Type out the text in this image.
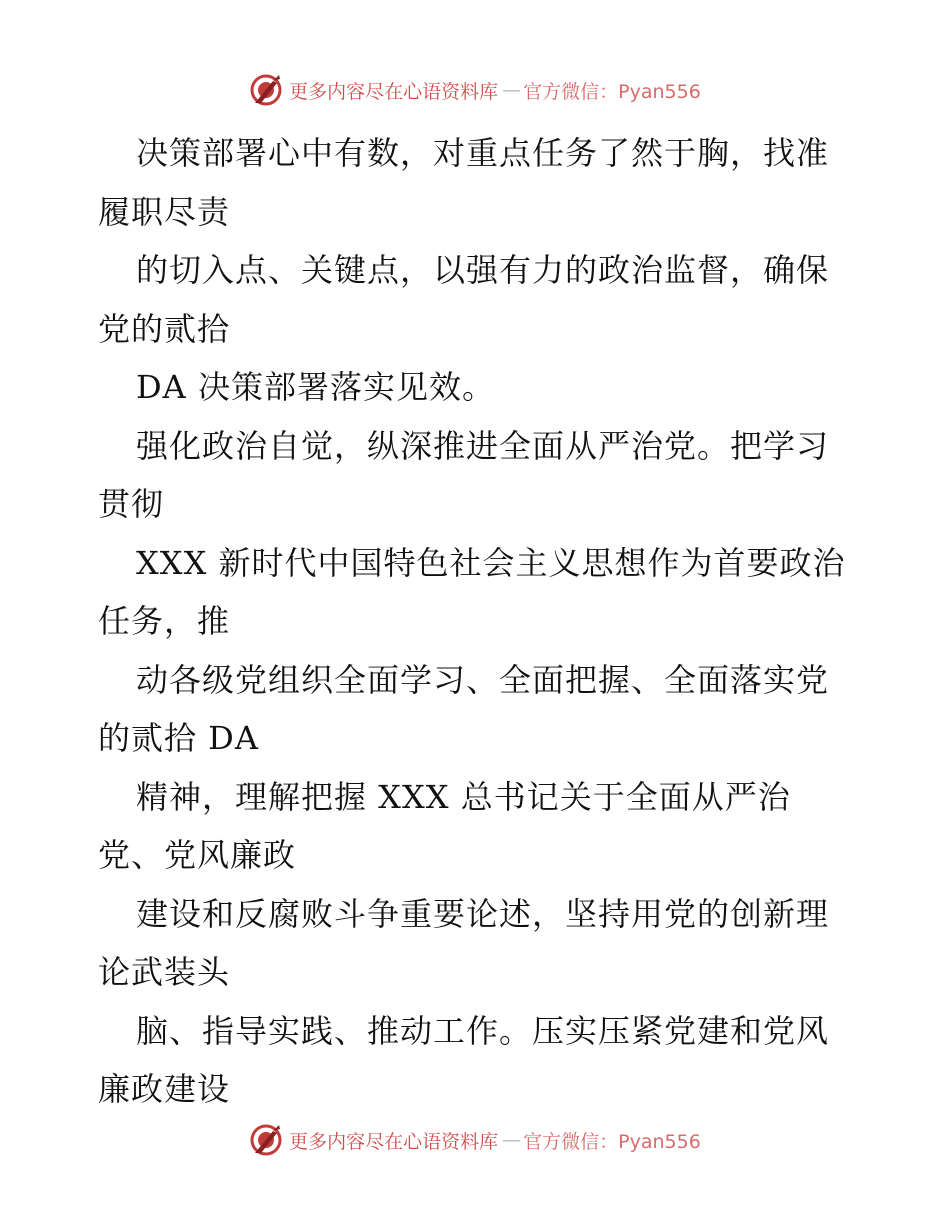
更多内容尽在心语资料库 — 官方微信：Pyan556

决策部署心中有数，对重点任务了然于胸，找准

履职尽责

的切入点、关键点，以强有力的政治监督，确保

党的贰拾

DA 决策部署落实见效。

强化政治自觉，纵深推进全面从严治党。把学习

贯彻

XXX 新时代中国特色社会主义思想作为首要政治

任务，推

动各级党组织全面学习、全面把握、全面落实党

的贰拾 DA

精神，理解把握 XXX 总书记关于全面从严治

党、党风廉政

建设和反腐败斗争重要论述，坚持用党的创新理

论武装头

脑、指导实践、推动工作。压实压紧党建和党风

廉政建设

更多内容尽在心语资料库 — 官方微信：Pyan556
